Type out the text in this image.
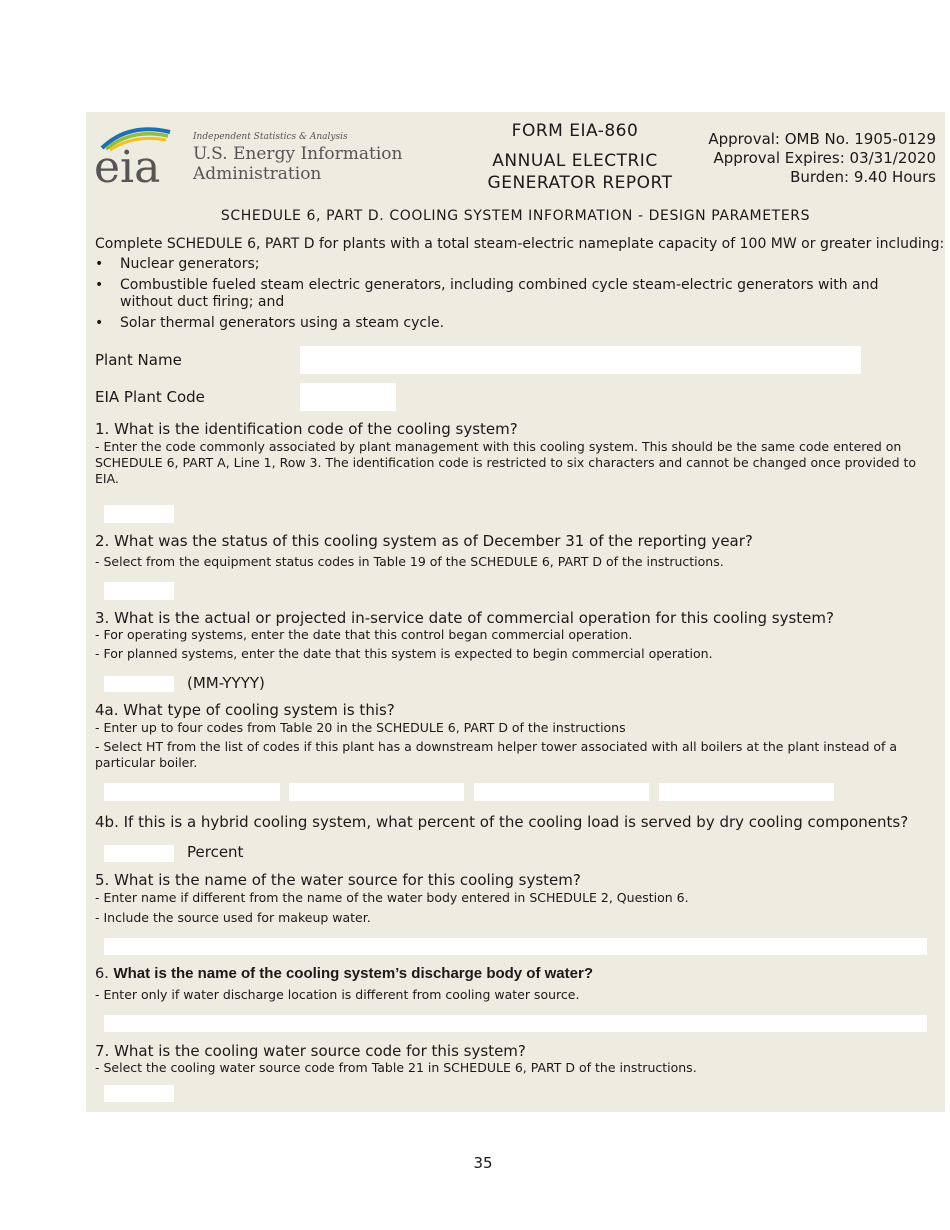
eia
Independent Statistics & Analysis
U.S. Energy Information
Administration
FORM EIA-860
ANNUAL ELECTRIC
GENERATOR REPORT
Approval: OMB No. 1905-0129
Approval Expires: 03/31/2020
Burden: 9.40 Hours
SCHEDULE 6, PART D. COOLING SYSTEM INFORMATION - DESIGN PARAMETERS
Complete SCHEDULE 6, PART D for plants with a total steam-electric nameplate capacity of 100 MW or greater including:
• Nuclear generators;
• Combustible fueled steam electric generators, including combined cycle steam-electric generators with and without duct firing; and
• Solar thermal generators using a steam cycle.
Plant Name
EIA Plant Code
1. What is the identification code of the cooling system?
- Enter the code commonly associated by plant management with this cooling system. This should be the same code entered on SCHEDULE 6, PART A, Line 1, Row 3. The identification code is restricted to six characters and cannot be changed once provided to EIA.
2. What was the status of this cooling system as of December 31 of the reporting year?
- Select from the equipment status codes in Table 19 of the SCHEDULE 6, PART D of the instructions.
3. What is the actual or projected in-service date of commercial operation for this cooling system?
- For operating systems, enter the date that this control began commercial operation.
- For planned systems, enter the date that this system is expected to begin commercial operation.
(MM-YYYY)
4a. What type of cooling system is this?
- Enter up to four codes from Table 20 in the SCHEDULE 6, PART D of the instructions
- Select HT from the list of codes if this plant has a downstream helper tower associated with all boilers at the plant instead of a particular boiler.
4b. If this is a hybrid cooling system, what percent of the cooling load is served by dry cooling components?
Percent
5. What is the name of the water source for this cooling system?
- Enter name if different from the name of the water body entered in SCHEDULE 2, Question 6.
- Include the source used for makeup water.
6. What is the name of the cooling system’s discharge body of water?
- Enter only if water discharge location is different from cooling water source.
7. What is the cooling water source code for this system?
- Select the cooling water source code from Table 21 in SCHEDULE 6, PART D of the instructions.
35
